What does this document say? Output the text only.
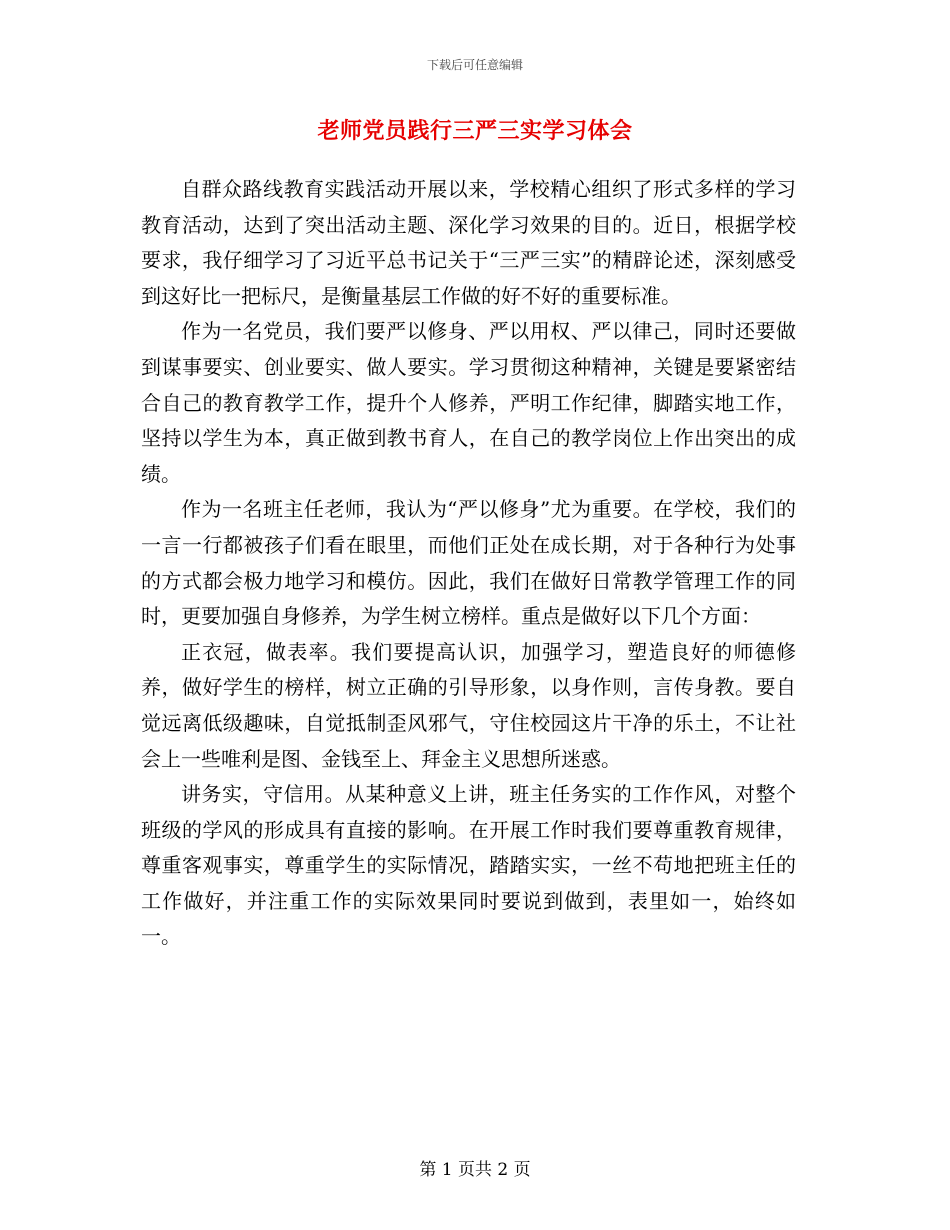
下载后可任意编辑
老师党员践行三严三实学习体会

自群众路线教育实践活动开展以来，学校精心组织了形式多样的学习教育活动，达到了突出活动主题、深化学习效果的目的。近日，根据学校要求，我仔细学习了习近平总书记关于“三严三实”的精辟论述，深刻感受到这好比一把标尺，是衡量基层工作做的好不好的重要标准。

作为一名党员，我们要严以修身、严以用权、严以律己，同时还要做到谋事要实、创业要实、做人要实。学习贯彻这种精神，关键是要紧密结合自己的教育教学工作，提升个人修养，严明工作纪律，脚踏实地工作，坚持以学生为本，真正做到教书育人，在自己的教学岗位上作出突出的成绩。

作为一名班主任老师，我认为“严以修身”尤为重要。在学校，我们的一言一行都被孩子们看在眼里，而他们正处在成长期，对于各种行为处事的方式都会极力地学习和模仿。因此，我们在做好日常教学管理工作的同时，更要加强自身修养，为学生树立榜样。重点是做好以下几个方面：

正衣冠，做表率。我们要提高认识，加强学习，塑造良好的师德修养，做好学生的榜样，树立正确的引导形象，以身作则，言传身教。要自觉远离低级趣味，自觉抵制歪风邪气，守住校园这片干净的乐土，不让社会上一些唯利是图、金钱至上、拜金主义思想所迷惑。

讲务实，守信用。从某种意义上讲，班主任务实的工作作风，对整个班级的学风的形成具有直接的影响。在开展工作时我们要尊重教育规律，尊重客观事实，尊重学生的实际情况，踏踏实实，一丝不苟地把班主任的工作做好，并注重工作的实际效果同时要说到做到，表里如一，始终如一。

第 1 页共 2 页
